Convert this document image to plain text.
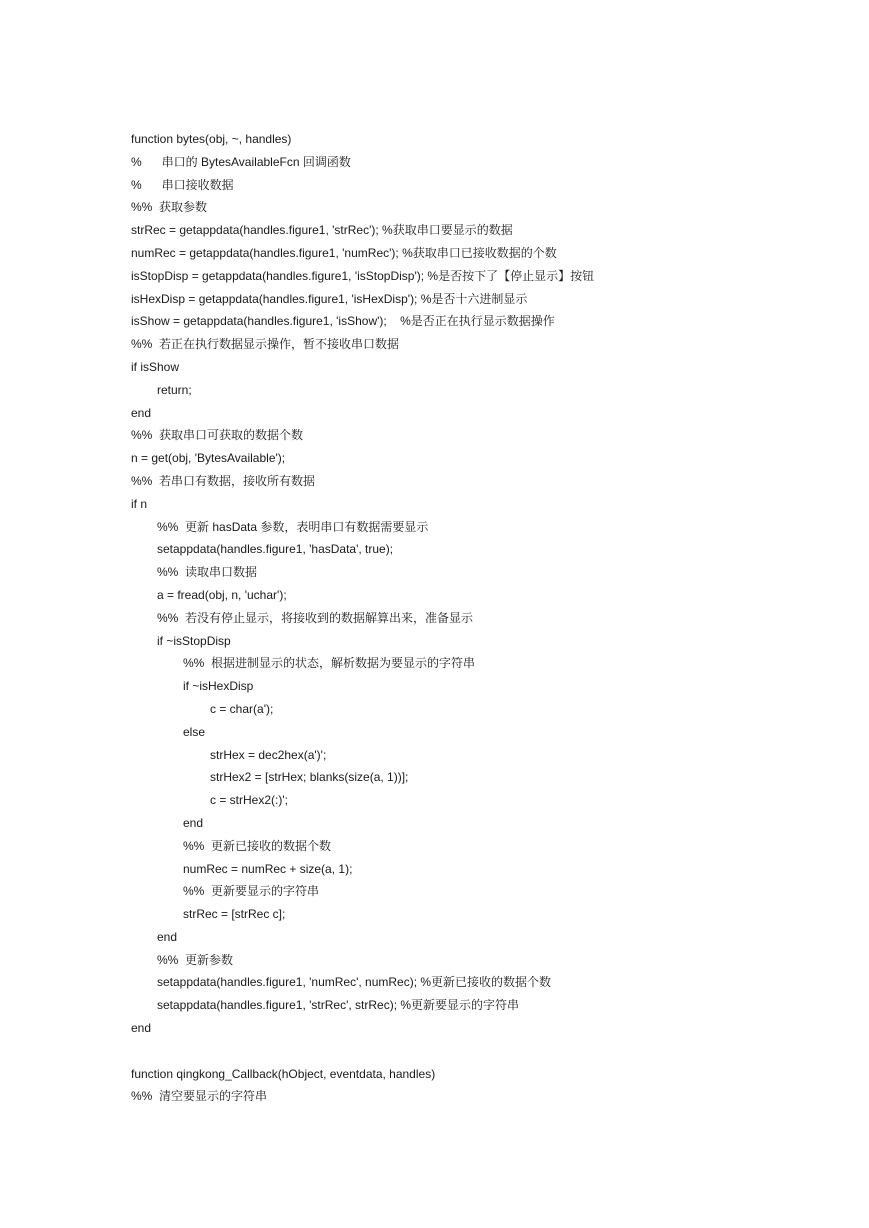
function bytes(obj, ~, handles)
%      串口的 BytesAvailableFcn 回调函数
%      串口接收数据
%%  获取参数
strRec = getappdata(handles.figure1, 'strRec'); %获取串口要显示的数据
numRec = getappdata(handles.figure1, 'numRec'); %获取串口已接收数据的个数
isStopDisp = getappdata(handles.figure1, 'isStopDisp'); %是否按下了【停止显示】按钮
isHexDisp = getappdata(handles.figure1, 'isHexDisp'); %是否十六进制显示
isShow = getappdata(handles.figure1, 'isShow');    %是否正在执行显示数据操作
%%  若正在执行数据显示操作，暂不接收串口数据
if isShow
return;
end
%%  获取串口可获取的数据个数
n = get(obj, 'BytesAvailable');
%%  若串口有数据，接收所有数据
if n
%%  更新 hasData 参数，表明串口有数据需要显示
setappdata(handles.figure1, 'hasData', true);
%%  读取串口数据
a = fread(obj, n, 'uchar');
%%  若没有停止显示，将接收到的数据解算出来，准备显示
if ~isStopDisp
%%  根据进制显示的状态，解析数据为要显示的字符串
if ~isHexDisp
c = char(a');
else
strHex = dec2hex(a')';
strHex2 = [strHex; blanks(size(a, 1))];
c = strHex2(:)';
end
%%  更新已接收的数据个数
numRec = numRec + size(a, 1);
%%  更新要显示的字符串
strRec = [strRec c];
end
%%  更新参数
setappdata(handles.figure1, 'numRec', numRec); %更新已接收的数据个数
setappdata(handles.figure1, 'strRec', strRec); %更新要显示的字符串
end
function qingkong_Callback(hObject, eventdata, handles)
%%  清空要显示的字符串
